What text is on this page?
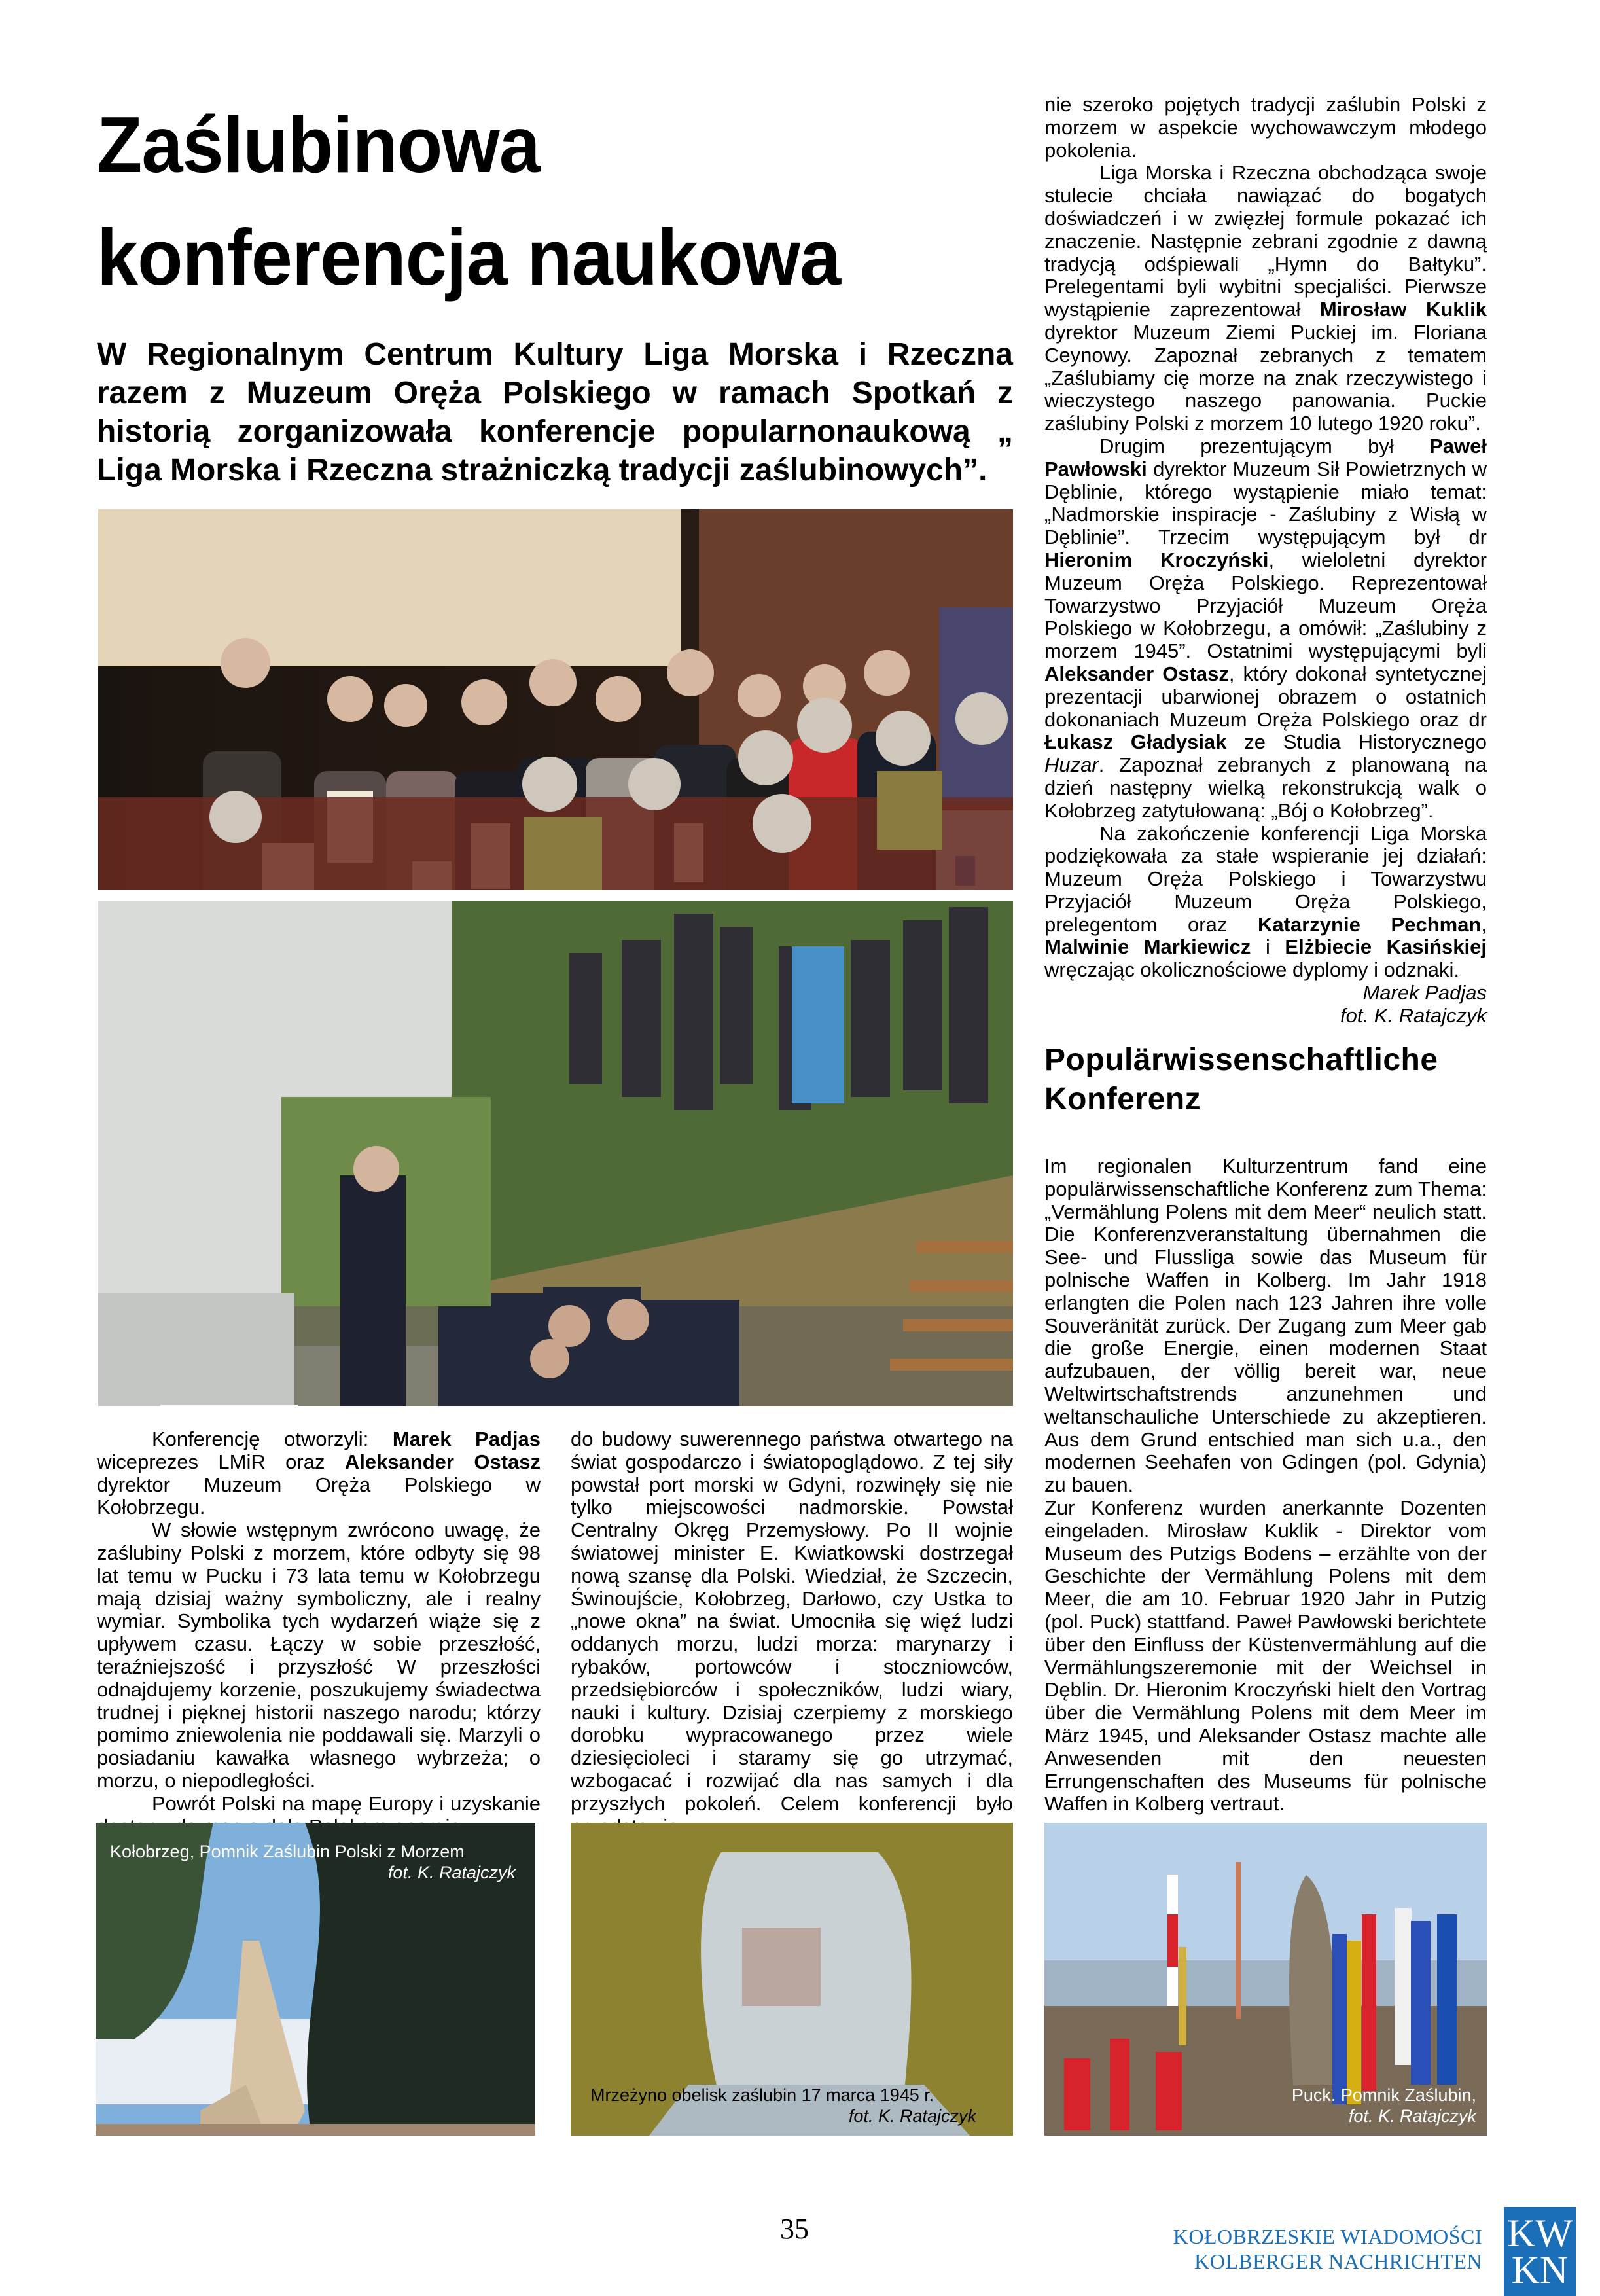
Zaślubinowa
konferencja naukowa
W Regionalnym Centrum Kultury Liga Morska i Rzeczna razem z Muzeum Oręża Polskiego w ramach Spotkań z historią zorganizowała konferencje popularnonaukową „ Liga Morska i Rzeczna strażniczką tradycji zaślubinowych”.

Konferencję otworzyli: Marek Padjas wiceprezes LMiR oraz Aleksander Ostasz dyrektor Muzeum Oręża Polskiego w Kołobrzegu.

W słowie wstępnym zwrócono uwagę, że zaślubiny Polski z morzem, które odbyty się 98 lat temu w Pucku i 73 lata temu w Kołobrzegu mają dzisiaj ważny symboliczny, ale i realny wymiar. Symbolika tych wydarzeń wiąże się z upływem czasu. Łączy w sobie przeszłość, teraźniejszość i przyszłość W przeszłości odnajdujemy korzenie, poszukujemy świadectwa trudnej i pięknej historii naszego narodu; którzy pomimo zniewolenia nie poddawali się. Marzyli o posiadaniu kawałka własnego wybrzeża; o morzu, o niepodległości.

Powrót Polski na mapę Europy i uzyskanie

do budowy suwerennego państwa otwartego na świat gospodarczo i światopoglądowo. Z tej siły powstał port morski w Gdyni, rozwinęły się nie tylko miejscowości nadmorskie. Powstał Centralny Okręg Przemysłowy. Po II wojnie światowej minister E. Kwiatkowski dostrzegał nową szansę dla Polski. Wiedział, że Szczecin, Świnoujście, Kołobrzeg, Darłowo, czy Ustka to „nowe okna” na świat. Umocniła się więź ludzi oddanych morzu, ludzi morza: marynarzy i rybaków, portowców i stoczniowców, przedsiębiorców i społeczników, ludzi wiary, nauki i kultury. Dzisiaj czerpiemy z morskiego dorobku wypracowanego przez wiele dziesięcioleci i staramy się go utrzymać, wzbogacać i rozwijać dla nas samych i dla przyszłych pokoleń. Celem konferencji było

nie szeroko pojętych tradycji zaślubin Polski z morzem w aspekcie wychowawczym młodego pokolenia.

Liga Morska i Rzeczna obchodząca swoje stulecie chciała nawiązać do bogatych doświadczeń i w zwięzłej formule pokazać ich znaczenie. Następnie zebrani zgodnie z dawną tradycją odśpiewali „Hymn do Bałtyku”. Prelegentami byli wybitni specjaliści. Pierwsze wystąpienie zaprezentował Mirosław Kuklik dyrektor Muzeum Ziemi Puckiej im. Floriana Ceynowy. Zapoznał zebranych z tematem „Zaślubiamy cię morze na znak rzeczywistego i wieczystego naszego panowania. Puckie zaślubiny Polski z morzem 10 lutego 1920 roku”.

Drugim prezentującym był Paweł Pawłowski dyrektor Muzeum Sił Powietrznych w Dęblinie, którego wystąpienie miało temat: „Nadmorskie inspiracje - Zaślubiny z Wisłą w Dęblinie”. Trzecim występującym był dr Hieronim Kroczyński, wieloletni dyrektor Muzeum Oręża Polskiego. Reprezentował Towarzystwo Przyjaciół Muzeum Oręża Polskiego w Kołobrzegu, a omówił: „Zaślubiny z morzem 1945”. Ostatnimi występującymi byli Aleksander Ostasz, który dokonał syntetycznej prezentacji ubarwionej obrazem o ostatnich dokonaniach Muzeum Oręża Polskiego oraz dr Łukasz Gładysiak ze Studia Historycznego Huzar. Zapoznał zebranych z planowaną na dzień następny wielką rekonstrukcją walk o Kołobrzeg zatytułowaną: „Bój o Kołobrzeg”.

Na zakończenie konferencji Liga Morska podziękowała za stałe wspieranie jej działań: Muzeum Oręża Polskiego i Towarzystwu Przyjaciół Muzeum Oręża Polskiego, prelegentom oraz Katarzynie Pechman, Malwinie Markiewicz i Elżbiecie Kasińskiej wręczając okolicznościowe dyplomy i odznaki.

Marek Padjas

fot. K. Ratajczyk

Populärwissenschaftliche
Konferenz

Im regionalen Kulturzentrum fand eine populärwissenschaftliche Konferenz zum Thema: „Vermählung Polens mit dem Meer“ neulich statt. Die Konferenzveranstaltung übernahmen die See- und Flussliga sowie das Museum für polnische Waffen in Kolberg. Im Jahr 1918 erlangten die Polen nach 123 Jahren ihre volle Souveränität zurück. Der Zugang zum Meer gab die große Energie, einen modernen Staat aufzubauen, der völlig bereit war, neue Weltwirtschaftstrends anzunehmen und weltanschauliche Unterschiede zu akzeptieren. Aus dem Grund entschied man sich u.a., den modernen Seehafen von Gdingen (pol. Gdynia) zu bauen.

Zur Konferenz wurden anerkannte Dozenten eingeladen. Mirosław Kuklik - Direktor vom Museum des Putzigs Bodens – erzählte von der Geschichte der Vermählung Polens mit dem Meer, die am 10. Februar 1920 Jahr in Putzig (pol. Puck) stattfand. Paweł Pawłowski berichtete über den Einfluss der Küstenvermählung auf die Vermählungszeremonie mit der Weichsel in Dęblin. Dr. Hieronim Kroczyński hielt den Vortrag über die Vermählung Polens mit dem Meer im März 1945, und Aleksander Ostasz machte alle Anwesenden mit den neuesten Errungenschaften des Museums für polnische Waffen in Kolberg vertraut.

Kołobrzeg, Pomnik Zaślubin Polski z Morzem
fot. K. Ratajczyk
Mrzeżyno obelisk zaślubin 17 marca 1945 r.
fot. K. Ratajczyk
Puck. Pomnik Zaślubin,
fot. K. Ratajczyk
35	KOŁOBRZESKIE WIADOMOŚCI
KOLBERGER NACHRICHTEN
KW
KN
